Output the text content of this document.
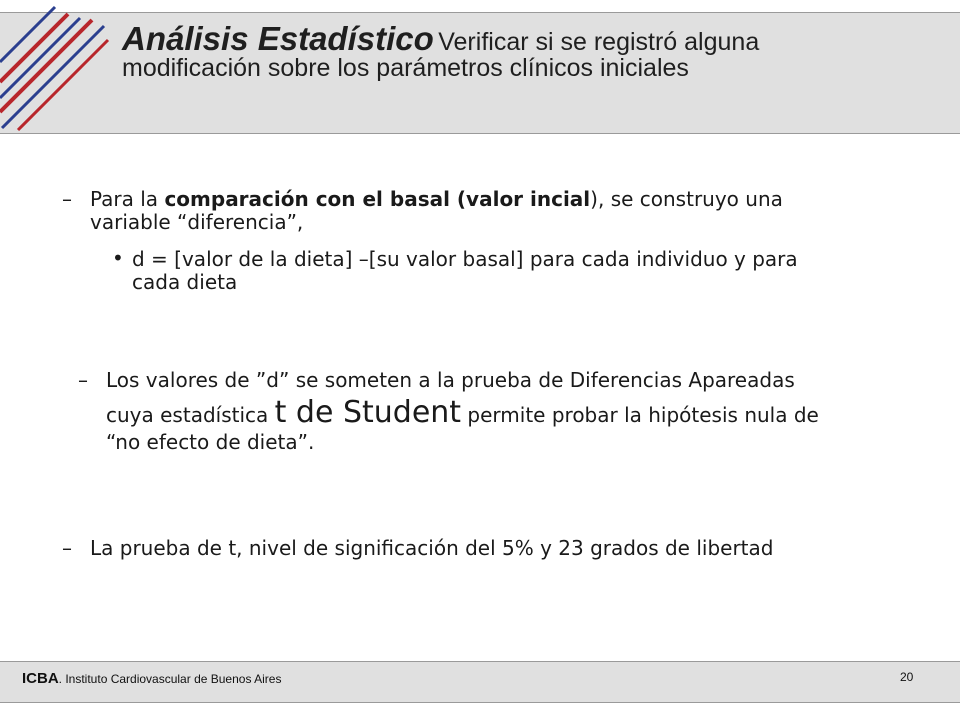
Análisis Estadístico Verificar si se registró alguna
modificación sobre los parámetros clínicos iniciales
– Para la comparación con el basal (valor incial), se construyo una
variable “diferencia”,
• d = [valor de la dieta] –[su valor basal] para cada individuo y para
cada dieta
– Los valores de ”d” se someten a la prueba de Diferencias Apareadas
cuya estadística t de Student permite probar la hipótesis nula de
“no efecto de dieta”.
– La prueba de t, nivel de significación del 5% y 23 grados de libertad
ICBA. Instituto Cardiovascular de Buenos Aires	20
